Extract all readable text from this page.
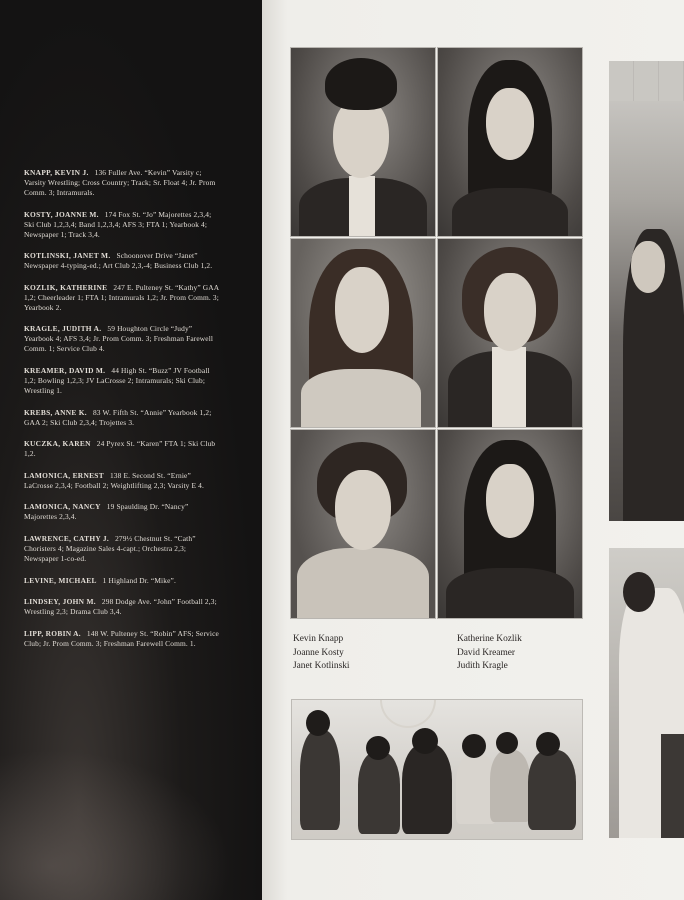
KNAPP, KEVIN J. 136 Fuller Ave. “Kevin” Varsity c; Varsity Wrestling; Cross Country; Track; Sr. Float 4; Jr. Prom Comm. 3; Intramurals.
KOSTY, JOANNE M. 174 Fox St. “Jo” Majorettes 2,3,4; Ski Club 1,2,3,4; Band 1,2,3,4; AFS 3; FTA 1; Yearbook 4; Newspaper 1; Track 3,4.
KOTLINSKI, JANET M. Schoonover Drive “Janet” Newspaper 4-typing-ed.; Art Club 2,3,-4; Business Club 1,2.
KOZLIK, KATHERINE 247 E. Pulteney St. “Kathy” GAA 1,2; Cheerleader 1; FTA 1; Intramurals 1,2; Jr. Prom Comm. 3; Yearbook 2.
KRAGLE, JUDITH A. 59 Houghton Circle “Judy” Yearbook 4; AFS 3,4; Jr. Prom Comm. 3; Freshman Farewell Comm. 1; Service Club 4.
KREAMER, DAVID M. 44 High St. “Buzz” JV Football 1,2; Bowling 1,2,3; JV LaCrosse 2; Intramurals; Ski Club; Wrestling 1.
KREBS, ANNE K. 83 W. Fifth St. “Annie” Yearbook 1,2; GAA 2; Ski Club 2,3,4; Trojettes 3.
KUCZKA, KAREN 24 Pyrex St. “Karen” FTA 1; Ski Club 1,2.
LAMONICA, ERNEST 138 E. Second St. “Ernie” LaCrosse 2,3,4; Football 2; Weightlifting 2,3; Varsity E 4.
LAMONICA, NANCY 19 Spaulding Dr. “Nancy” Majorettes 2,3,4.
LAWRENCE, CATHY J. 279½ Chestnut St. “Cath” Choristers 4; Magazine Sales 4-capt.; Orchestra 2,3; Newspaper 1-co-ed.
LEVINE, MICHAEL 1 Highland Dr. “Mike”.
LINDSEY, JOHN M. 298 Dodge Ave. “John” Football 2,3; Wrestling 2,3; Drama Club 3,4.
LIPP, ROBIN A. 148 W. Pulteney St. “Robin” AFS; Service Club; Jr. Prom Comm. 3; Freshman Farewell Comm. 1.	Kevin Knapp
Joanne Kosty
Janet Kotlinski
Katherine Kozlik
David Kreamer
Judith Kragle
